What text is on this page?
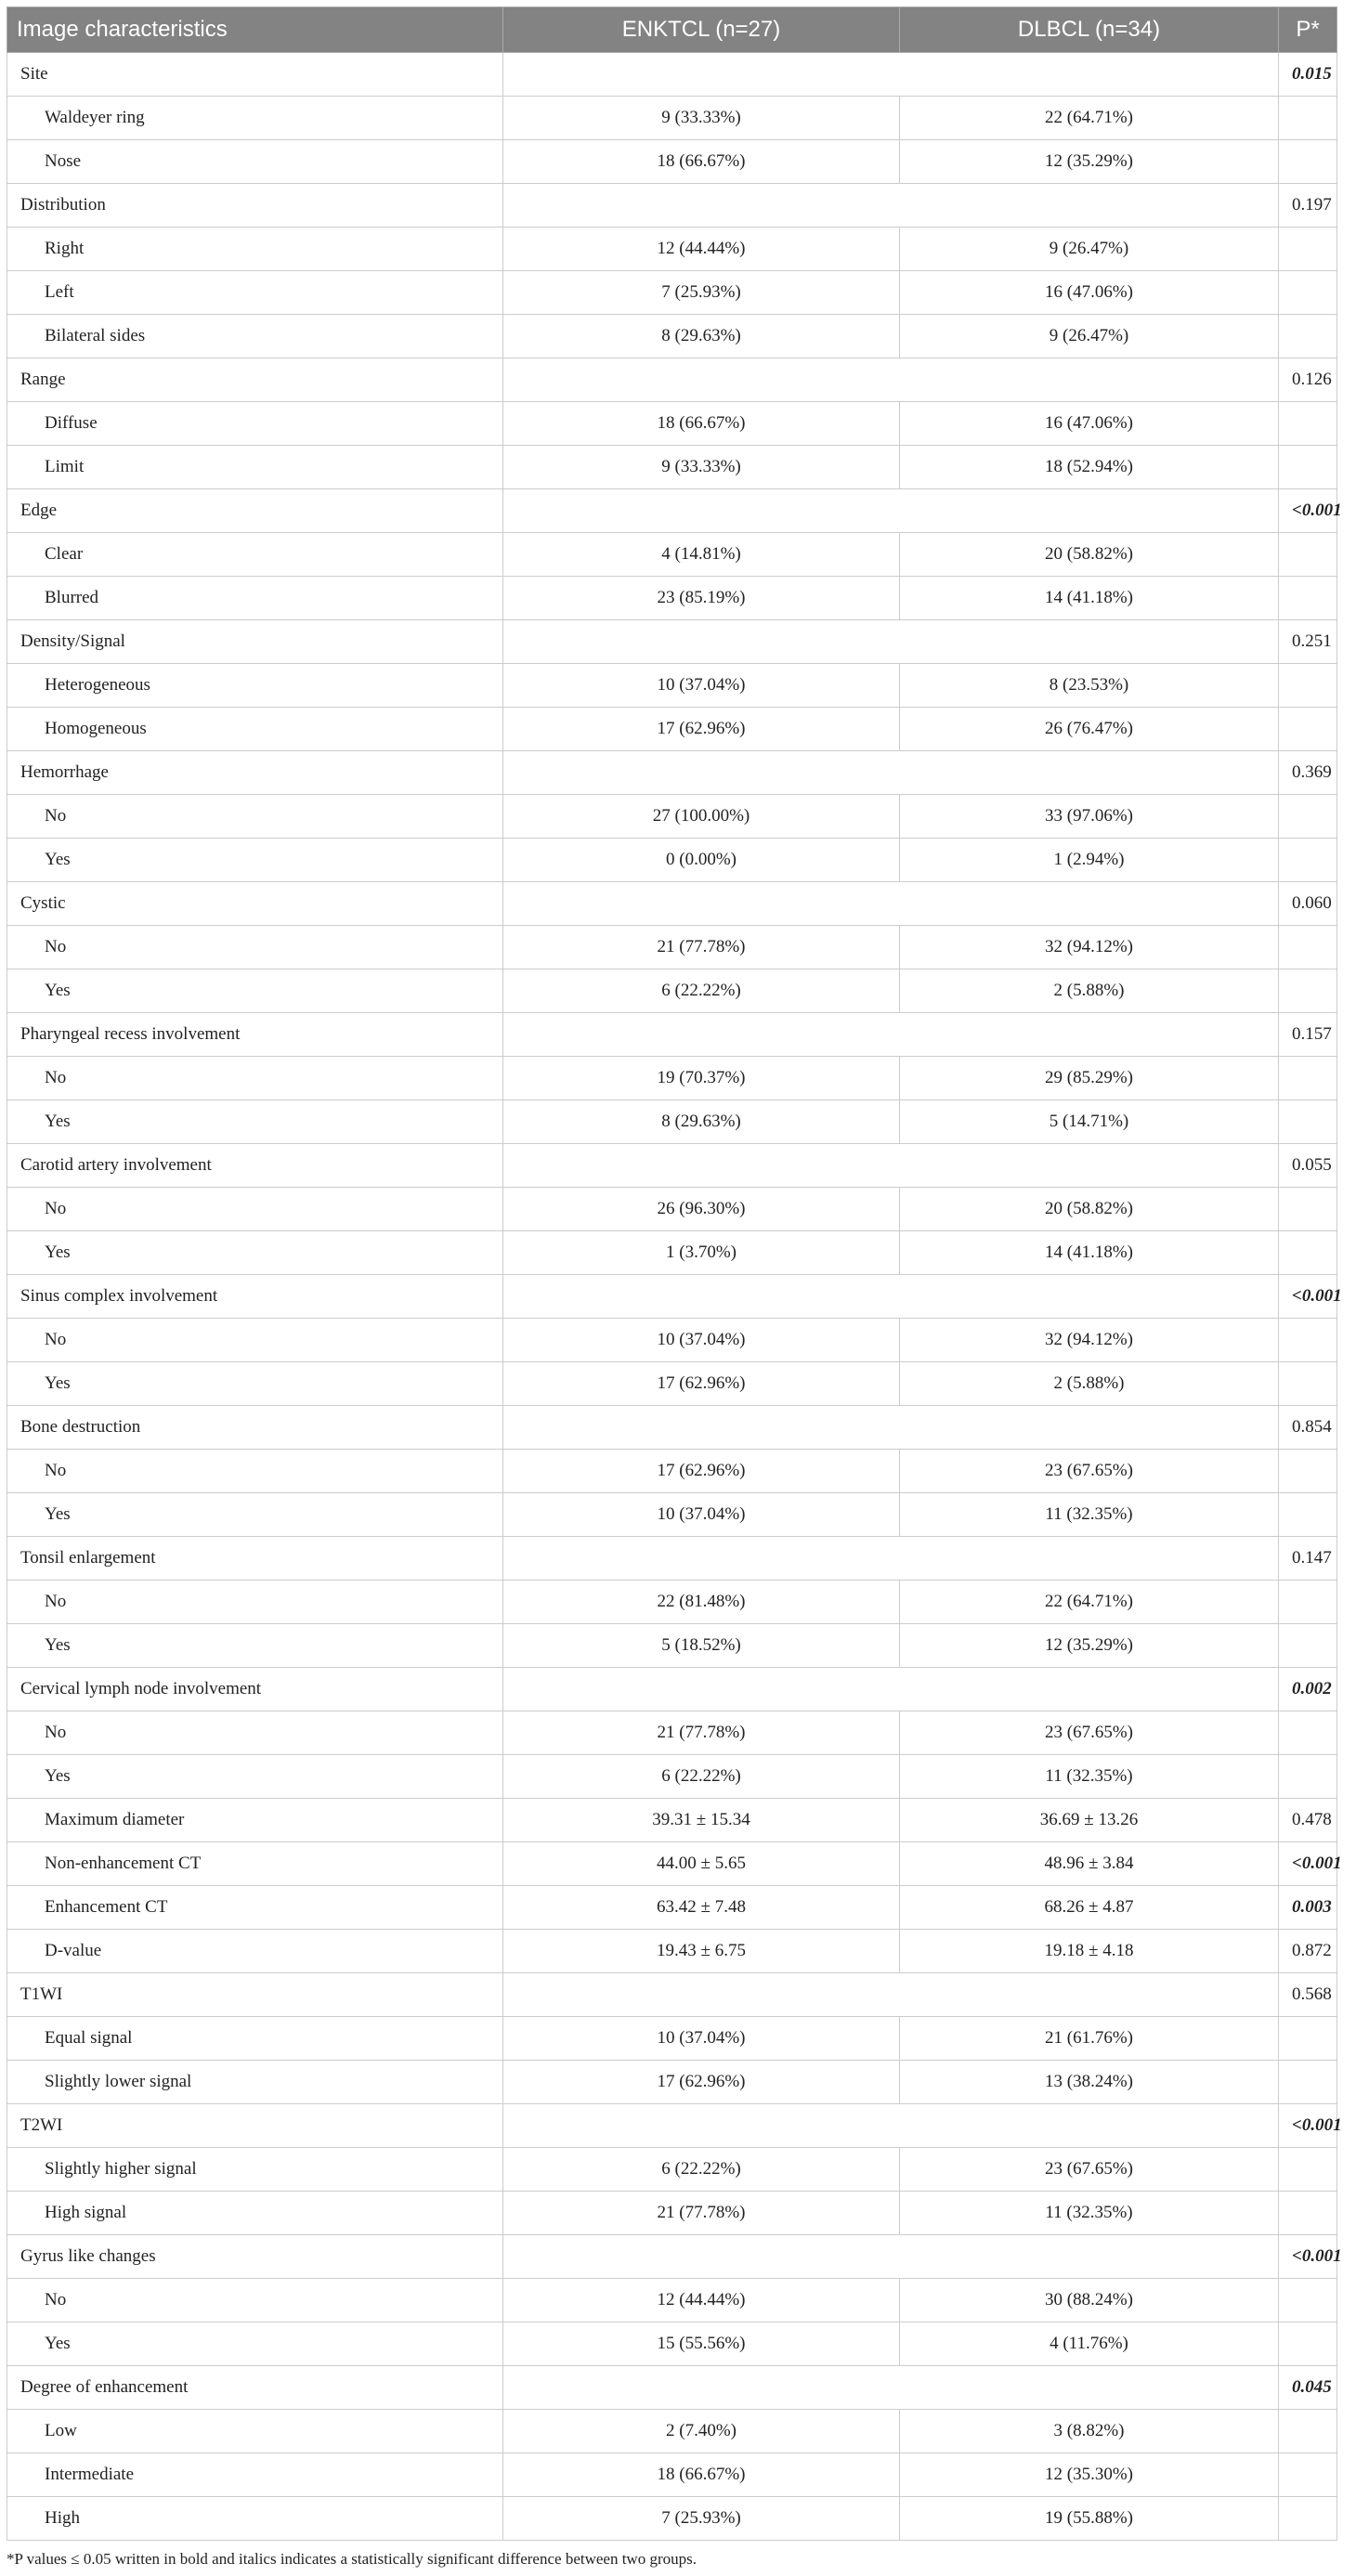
Image characteristics	ENKTCL (n=27)	DLBCL (n=34)	P*
Site			0.015
Waldeyer ring	9 (33.33%)	22 (64.71%)	
Nose	18 (66.67%)	12 (35.29%)	
Distribution			0.197
Right	12 (44.44%)	9 (26.47%)	
Left	7 (25.93%)	16 (47.06%)	
Bilateral sides	8 (29.63%)	9 (26.47%)	
Range			0.126
Diffuse	18 (66.67%)	16 (47.06%)	
Limit	9 (33.33%)	18 (52.94%)	
Edge			<0.001
Clear	4 (14.81%)	20 (58.82%)	
Blurred	23 (85.19%)	14 (41.18%)	
Density/Signal			0.251
Heterogeneous	10 (37.04%)	8 (23.53%)	
Homogeneous	17 (62.96%)	26 (76.47%)	
Hemorrhage			0.369
No	27 (100.00%)	33 (97.06%)	
Yes	0 (0.00%)	1 (2.94%)	
Cystic			0.060
No	21 (77.78%)	32 (94.12%)	
Yes	6 (22.22%)	2 (5.88%)	
Pharyngeal recess involvement			0.157
No	19 (70.37%)	29 (85.29%)	
Yes	8 (29.63%)	5 (14.71%)	
Carotid artery involvement			0.055
No	26 (96.30%)	20 (58.82%)	
Yes	1 (3.70%)	14 (41.18%)	
Sinus complex involvement			<0.001
No	10 (37.04%)	32 (94.12%)	
Yes	17 (62.96%)	2 (5.88%)	
Bone destruction			0.854
No	17 (62.96%)	23 (67.65%)	
Yes	10 (37.04%)	11 (32.35%)	
Tonsil enlargement			0.147
No	22 (81.48%)	22 (64.71%)	
Yes	5 (18.52%)	12 (35.29%)	
Cervical lymph node involvement			0.002
No	21 (77.78%)	23 (67.65%)	
Yes	6 (22.22%)	11 (32.35%)	
Maximum diameter	39.31 ± 15.34	36.69 ± 13.26	0.478
Non-enhancement CT	44.00 ± 5.65	48.96 ± 3.84	<0.001
Enhancement CT	63.42 ± 7.48	68.26 ± 4.87	0.003
D-value	19.43 ± 6.75	19.18 ± 4.18	0.872
T1WI			0.568
Equal signal	10 (37.04%)	21 (61.76%)	
Slightly lower signal	17 (62.96%)	13 (38.24%)	
T2WI			<0.001
Slightly higher signal	6 (22.22%)	23 (67.65%)	
High signal	21 (77.78%)	11 (32.35%)	
Gyrus like changes			<0.001
No	12 (44.44%)	30 (88.24%)	
Yes	15 (55.56%)	4 (11.76%)	
Degree of enhancement			0.045
Low	2 (7.40%)	3 (8.82%)	
Intermediate	18 (66.67%)	12 (35.30%)	
High	7 (25.93%)	19 (55.88%)	
*P values ≤ 0.05 written in bold and italics indicates a statistically significant difference between two groups.
